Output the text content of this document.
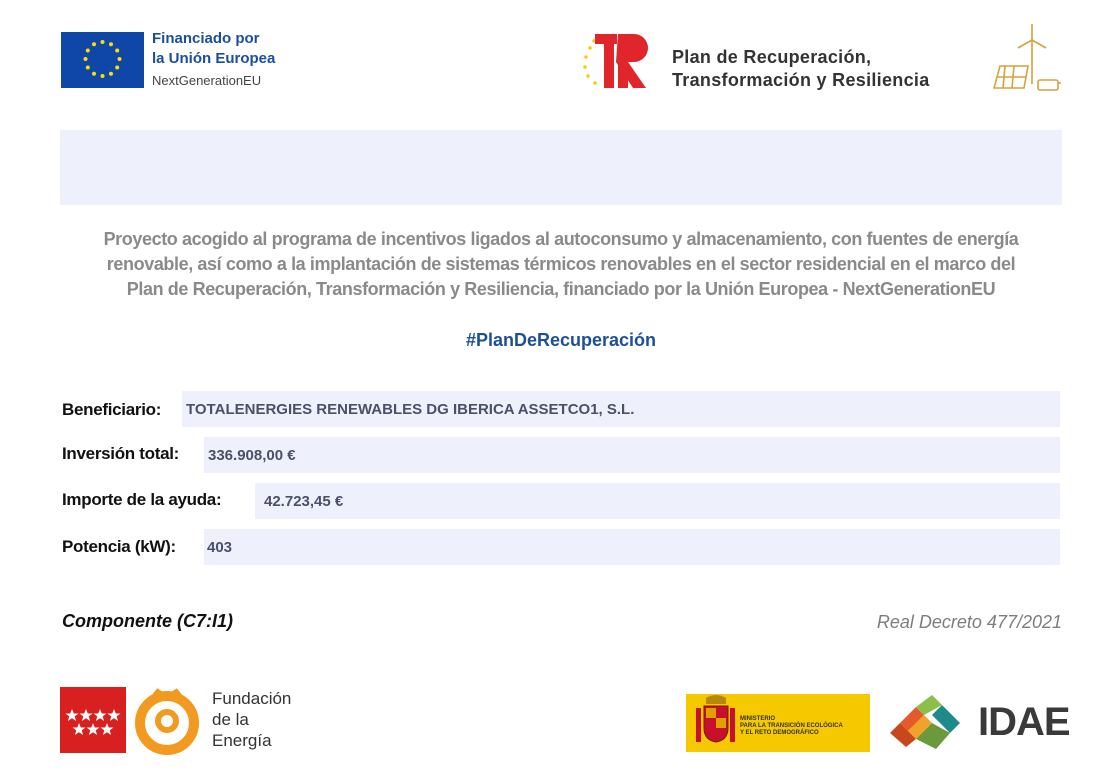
Financiado por
la Unión Europea
NextGenerationEU
Plan de Recuperación,
Transformación y Resiliencia
Proyecto acogido al programa de incentivos ligados al autoconsumo y almacenamiento, con fuentes de energía
renovable, así como a la implantación de sistemas térmicos renovables en el sector residencial en el marco del
Plan de Recuperación, Transformación y Resiliencia, financiado por la Unión Europea - NextGenerationEU
#PlanDeRecuperación
Beneficiario: TOTALENERGIES RENEWABLES DG IBERICA ASSETCO1, S.L.
Inversión total: 336.908,00 €
Importe de la ayuda:	42.723,45 €
Potencia (kW): 403
Componente (C7:I1)	Real Decreto 477/2021
Fundación
de la
Energía
MINISTERIO
PARA LA TRANSICIÓN ECOLÓGICA
Y EL RETO DEMOGRÁFICO	IDAE
